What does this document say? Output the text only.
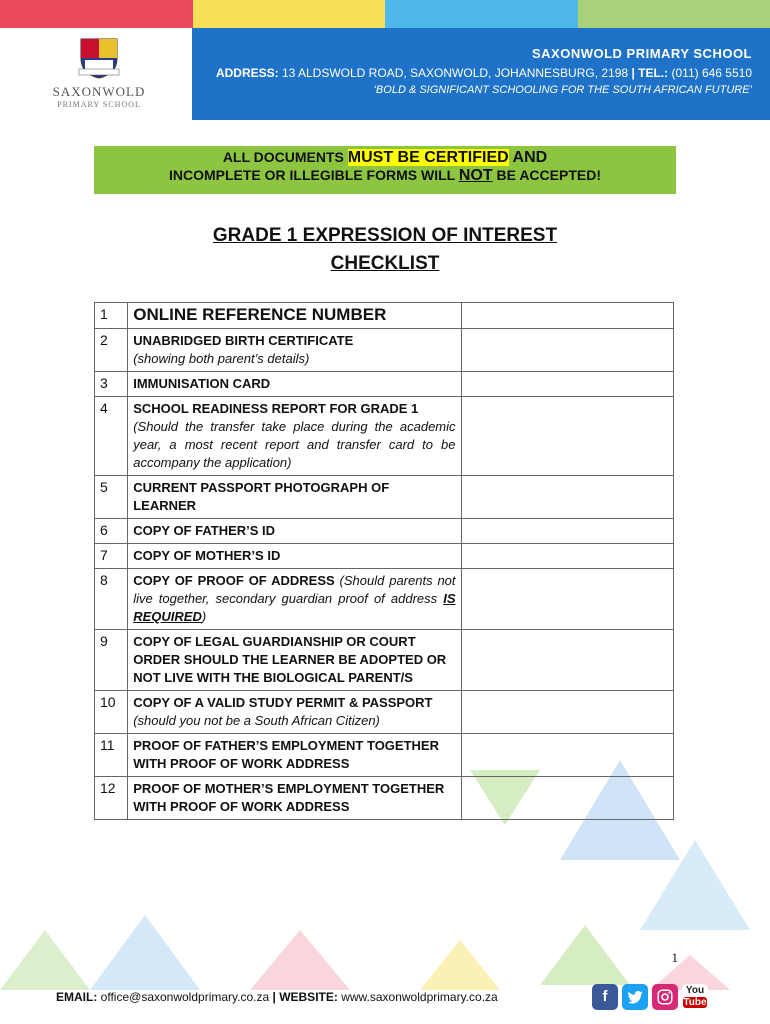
SAXONWOLD
PRIMARY SCHOOL
SAXONWOLD PRIMARY SCHOOL
ADDRESS: 13 ALDSWOLD ROAD, SAXONWOLD, JOHANNESBURG, 2198 | TEL.: (011) 646 5510
‘BOLD & SIGNIFICANT SCHOOLING FOR THE SOUTH AFRICAN FUTURE’
ALL DOCUMENTS MUST BE CERTIFIED AND
INCOMPLETE OR ILLEGIBLE FORMS WILL NOT BE ACCEPTED!
GRADE 1 EXPRESSION OF INTEREST
CHECKLIST
1	ONLINE REFERENCE NUMBER	
2	UNABRIDGED BIRTH CERTIFICATE
(showing both parent’s details)	
3	IMMUNISATION CARD	

4	SCHOOL READINESS REPORT FOR GRADE 1
(Should the transfer take place during the academic year, a most recent report and transfer card to be accompany the application)	

5	CURRENT PASSPORT PHOTOGRAPH OF LEARNER	

6	COPY OF FATHER’S ID	

7	COPY OF MOTHER’S ID	

8	COPY OF PROOF OF ADDRESS (Should parents not live together, secondary guardian proof of address IS REQUIRED)	

9	COPY OF LEGAL GUARDIANSHIP OR COURT ORDER SHOULD THE LEARNER BE ADOPTED OR NOT LIVE WITH THE BIOLOGICAL PARENT/S	

10	COPY OF A VALID STUDY PERMIT & PASSPORT (should you not be a South African Citizen)	
11	PROOF OF FATHER’S EMPLOYMENT TOGETHER WITH PROOF OF WORK ADDRESS	

12	PROOF OF MOTHER’S EMPLOYMENT TOGETHER WITH PROOF OF WORK ADDRESS	

1
EMAIL: office@saxonwoldprimary.co.za | WEBSITE: www.saxonwoldprimary.co.za	f	You
Tube
